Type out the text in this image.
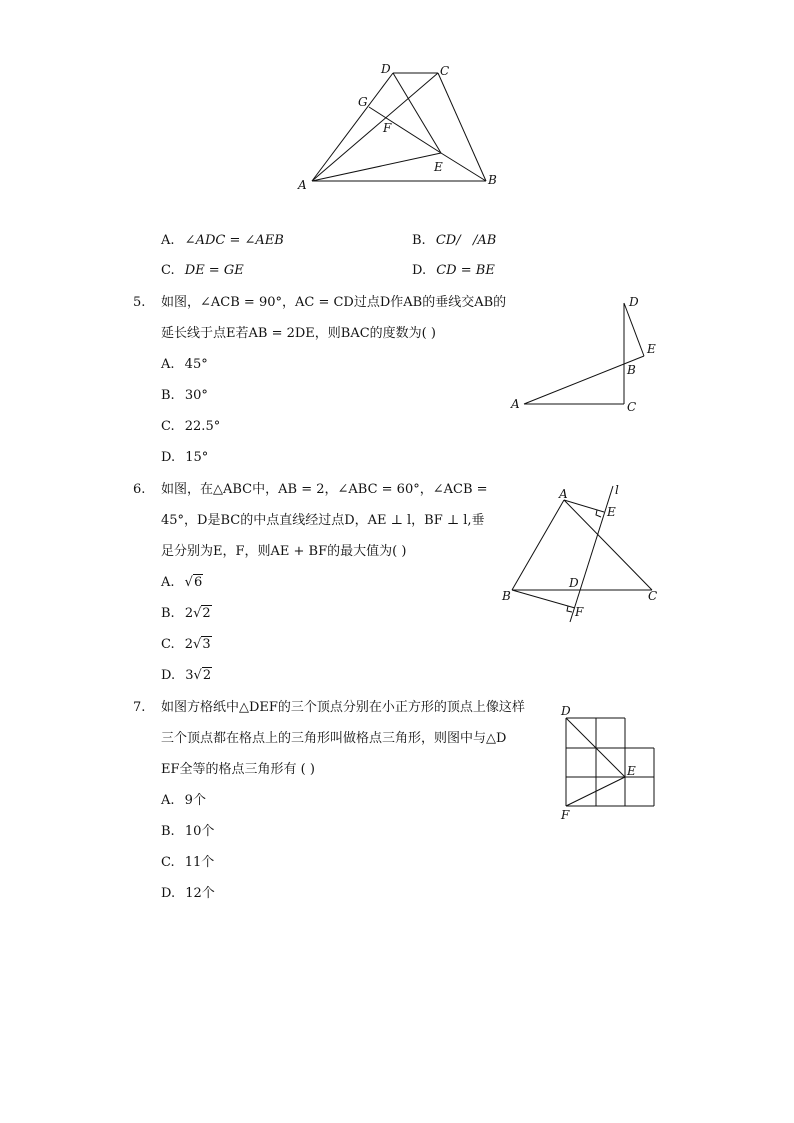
D	C
G
F
E
A	B
A. ∠ADC = ∠AEB	B. CD/   /AB
C. DE = GE	D. CD = BE
5. 如图，∠ACB = 90°，AC = CD过点D作AB的垂线交AB的
延长线于点E若AB = 2DE，则BAC的度数为( )
D
E
B
A	C
A. 45°
B. 30°
C. 22.5°
D. 15°
6. 如图，在△ABC中，AB = 2，∠ABC = 60°，∠ACB =
45°，D是BC的中点直线经过点D，AE ⊥ l，BF ⊥ l,垂
足分别为E，F，则AE + BF的最大值为( )
A	l
E
D
B	C
F
A. √6
B. 2√2
C. 2√3
D. 3√2
7. 如图方格纸中△DEF的三个顶点分别在小正方形的顶点上像这样
三个顶点都在格点上的三角形叫做格点三角形，则图中与△D
EF全等的格点三角形有 ( )
D
E
F
A. 9个
B. 10个
C. 11个
D. 12个
